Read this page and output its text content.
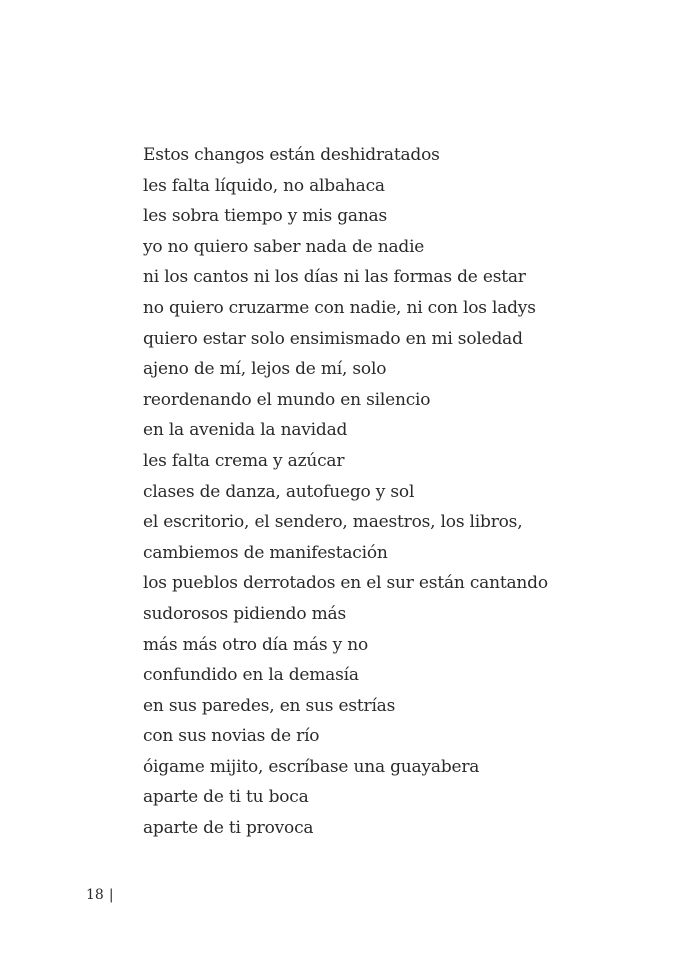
Estos changos están deshidratados
les falta líquido, no albahaca
les sobra tiempo y mis ganas
yo no quiero saber nada de nadie
ni los cantos ni los días ni las formas de estar
no quiero cruzarme con nadie, ni con los ladys
quiero estar solo ensimismado en mi soledad
ajeno de mí, lejos de mí, solo
reordenando el mundo en silencio
en la avenida la navidad
les falta crema y azúcar
clases de danza, autofuego y sol
el escritorio, el sendero, maestros, los libros,
cambiemos de manifestación
los pueblos derrotados en el sur están cantando
sudorosos pidiendo más
más más otro día más y no
confundido en la demasía
en sus paredes, en sus estrías
con sus novias de río
óigame mijito, escríbase una guayabera
aparte de ti tu boca
aparte de ti provoca
18 |
